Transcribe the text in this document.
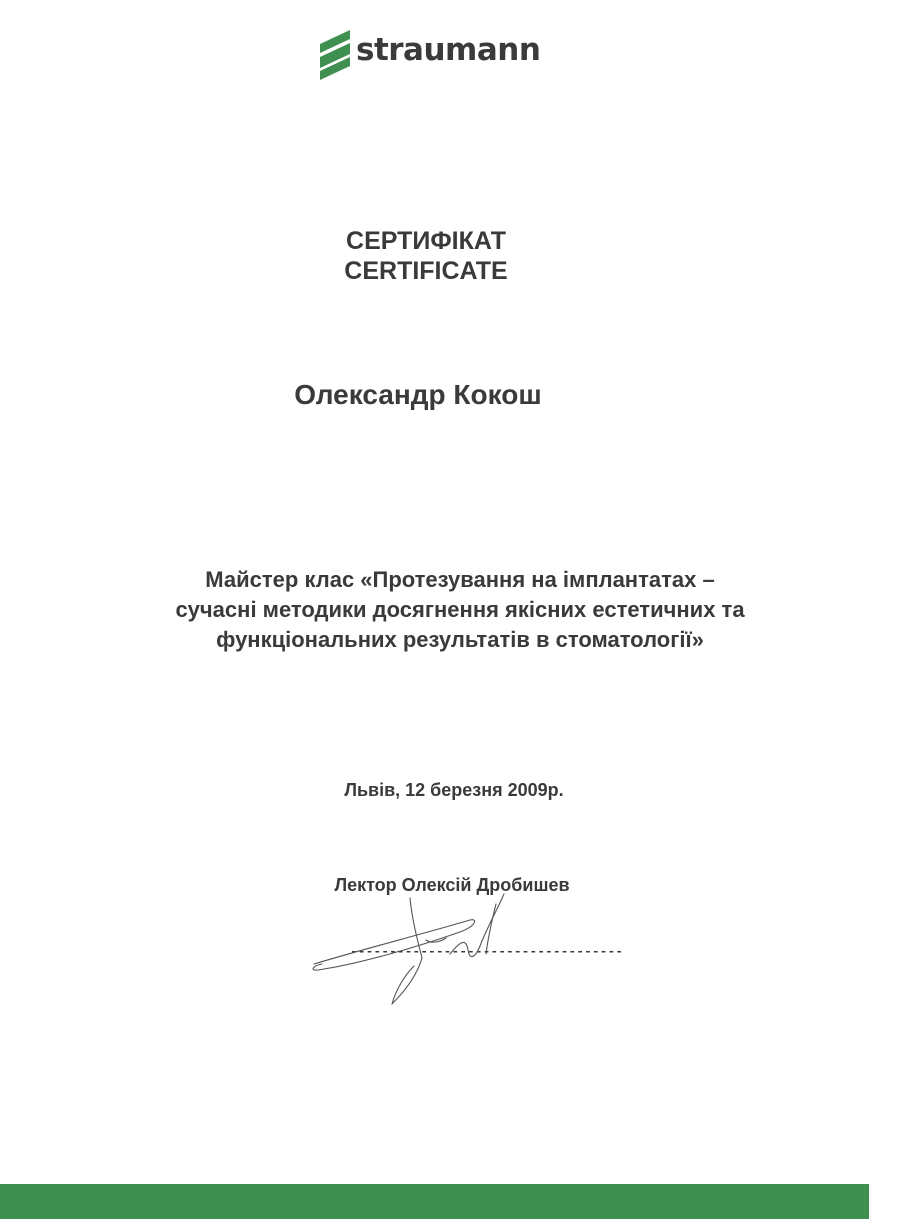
straumann
СЕРТИФІКАТ
CERTIFICATE
Олександр Кокош
Майстер клас «Протезування на імплантатах –
сучасні методики досягнення якісних естетичних та
функціональних результатів в стоматології»
Львів, 12 березня 2009р.
Лектор Олексій Дробишев
-----------------------------------
